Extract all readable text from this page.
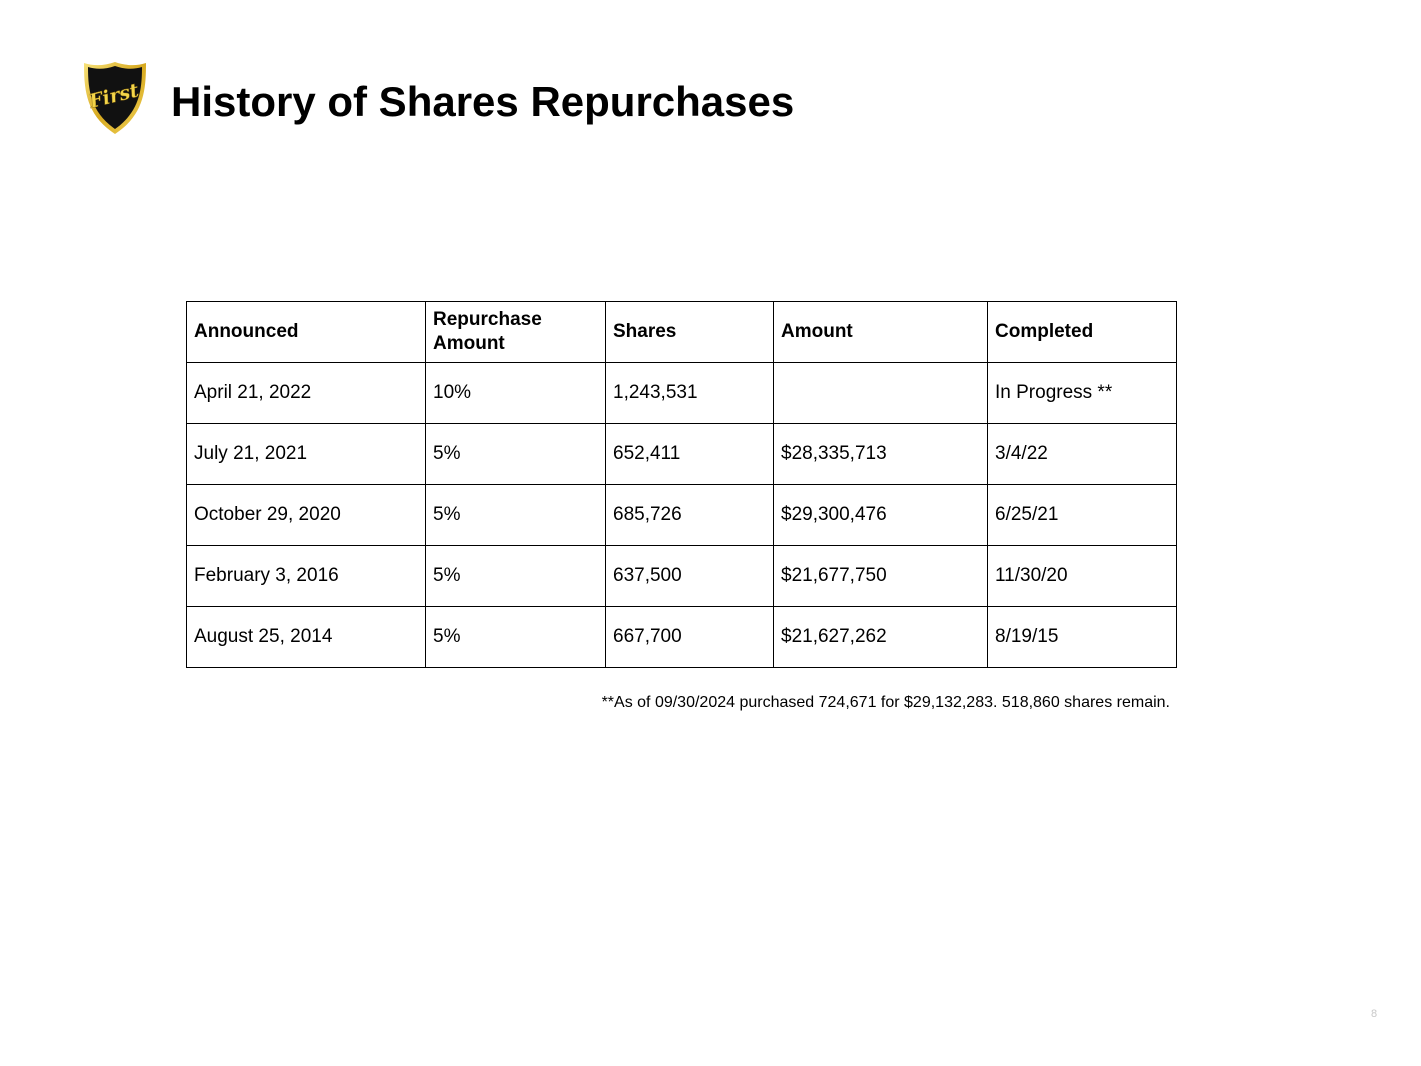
First History of Shares Repurchases
Announced	Repurchase Amount	Shares	Amount	Completed
April 21, 2022	10%	1,243,531		In Progress **
July 21, 2021	5%	652,411	$28,335,713	3/4/22
October 29, 2020	5%	685,726	$29,300,476	6/25/21
February 3, 2016	5%	637,500	$21,677,750	11/30/20
August 25, 2014	5%	667,700	$21,627,262	8/19/15
**As of 09/30/2024 purchased 724,671 for $29,132,283. 518,860 shares remain.
8
